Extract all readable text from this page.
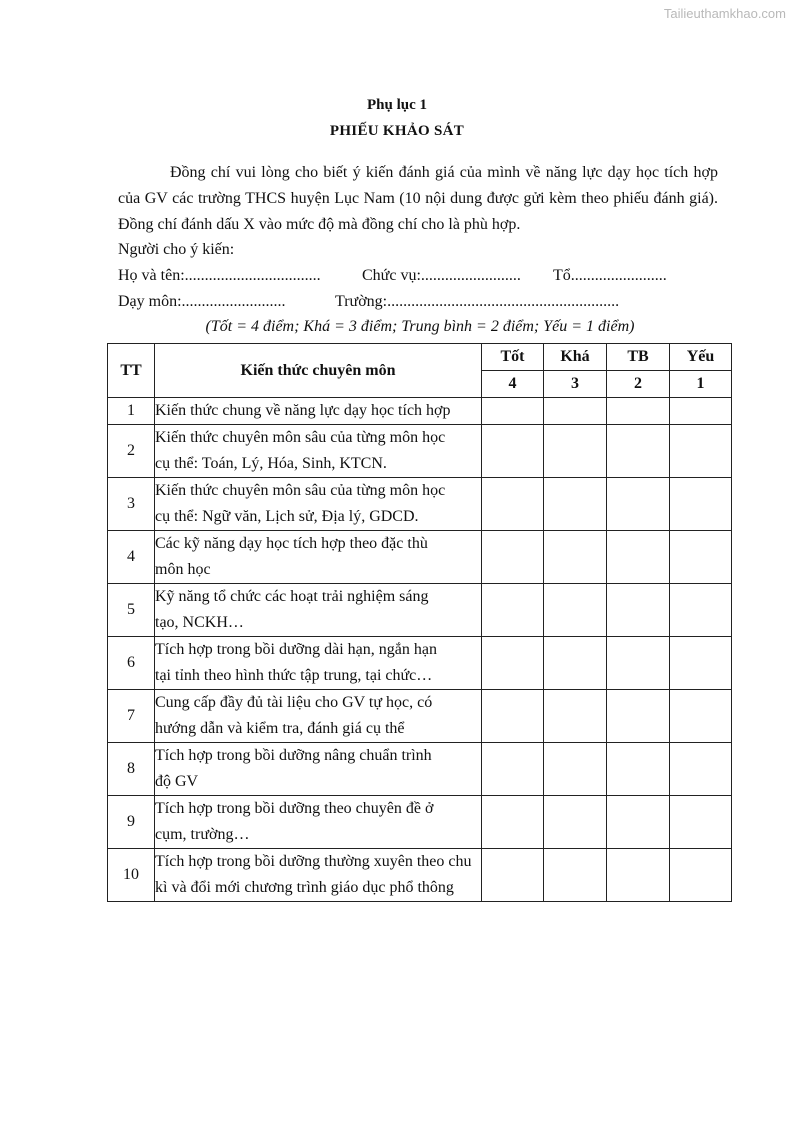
Tailieuthamkhao.com
Phụ lục 1
PHIẾU KHẢO SÁT

Đồng chí vui lòng cho biết ý kiến đánh giá của mình về năng lực dạy học tích hợp của GV các trường THCS huyện Lục Nam (10 nội dung được gửi kèm theo phiếu đánh giá). Đồng chí đánh dấu X vào mức độ mà đồng chí cho là phù hợp.

Người cho ý kiến:
Họ và tên:..................................	Chức vụ:......................... Tổ........................
Dạy môn:..........................	Trường:..........................................................
(Tốt = 4 điểm; Khá = 3 điểm; Trung bình = 2 điểm; Yếu = 1 điểm)
TT	Kiến thức chuyên môn	Tốt	Khá	TB	Yếu
		4	3	2	1
1	Kiến thức chung về năng lực dạy học tích hợp				

2	Kiến thức chuyên môn sâu của từng môn học
cụ thể: Toán, Lý, Hóa, Sinh, KTCN.				

3	Kiến thức chuyên môn sâu của từng môn học
cụ thể: Ngữ văn, Lịch sử, Địa lý, GDCD.				

4	Các kỹ năng dạy học tích hợp theo đặc thù
môn học				

5	Kỹ năng tổ chức các hoạt trải nghiệm sáng
tạo, NCKH…				

6	Tích hợp trong bồi dưỡng dài hạn, ngắn hạn
tại tỉnh theo hình thức tập trung, tại chức…				

7	Cung cấp đầy đủ tài liệu cho GV tự học, có
hướng dẫn và kiểm tra, đánh giá cụ thể				

8	Tích hợp trong bồi dưỡng nâng chuẩn trình
độ GV				

9	Tích hợp trong bồi dưỡng theo chuyên đề ở
cụm, trường…				

10	Tích hợp trong bồi dưỡng thường xuyên theo chu
kì và đổi mới chương trình giáo dục phổ thông				
